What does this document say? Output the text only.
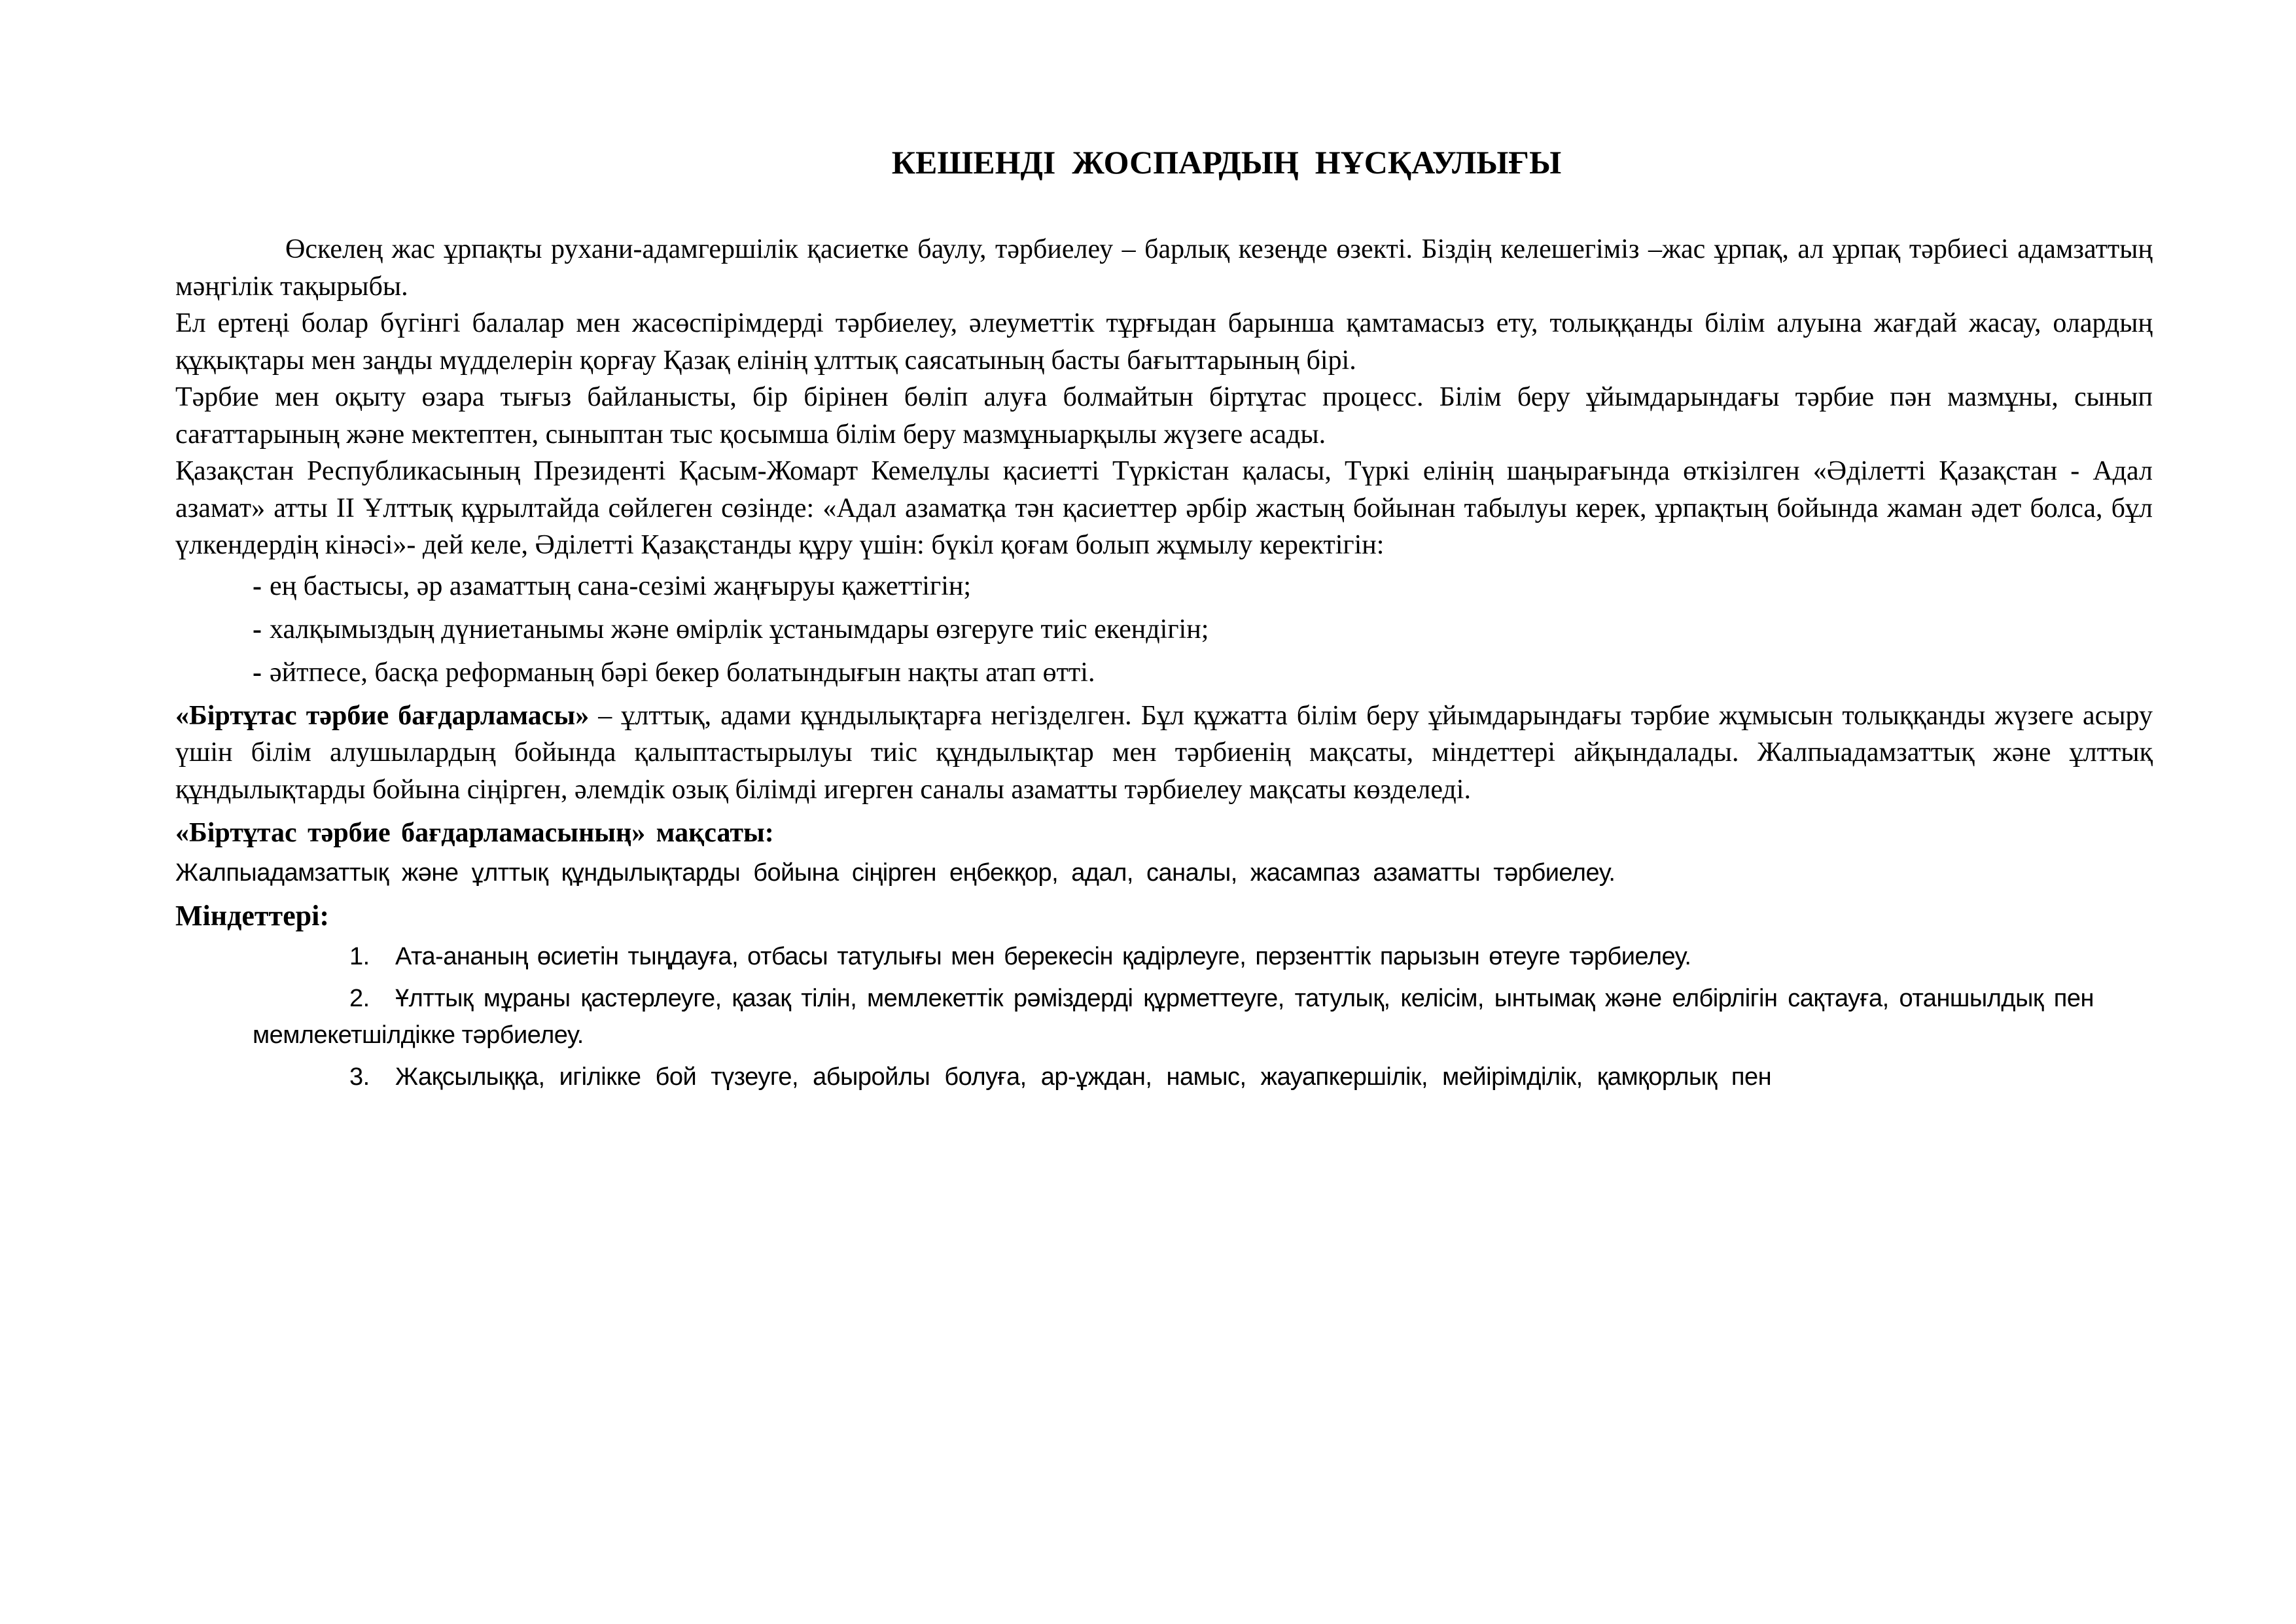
КЕШЕНДІ  ЖОСПАРДЫҢ  НҰСҚАУЛЫҒЫ

Өскелең жас ұрпақты рухани-адамгершілік қасиетке баулу, тәрбиелеу – барлық кезеңде өзекті. Біздің келешегіміз –жас ұрпақ, ал ұрпақ тәрбиесі адамзаттың мәңгілік тақырыбы.

Ел ертеңі болар бүгінгі балалар мен жасөспірімдерді тәрбиелеу, әлеуметтік тұрғыдан барынша қамтамасыз ету, толыққанды білім алуына жағдай жасау, олардың құқықтары мен заңды мүдделерін қорғау Қазақ елінің ұлттық саясатының басты бағыттарының бірі.

Тәрбие мен оқыту өзара тығыз байланысты, бір бірінен бөліп алуға болмайтын біртұтас процесс. Білім беру ұйымдарындағы тәрбие пән мазмұны, сынып сағаттарының және мектептен, сыныптан тыс қосымша білім беру мазмұныарқылы жүзеге асады.

Қазақстан Республикасының Президенті Қасым-Жомарт Кемелұлы қасиетті Түркістан қаласы, Түркі елінің шаңырағында өткізілген «Әділетті Қазақстан - Адал азамат» атты II Ұлттық құрылтайда сөйлеген сөзінде: «Адал азаматқа тән қасиеттер әрбір жастың бойынан табылуы керек, ұрпақтың бойында жаман әдет болса, бұл үлкендердің кінәсі»- дей келе, Әділетті Қазақстанды құру үшін: бүкіл қоғам болып жұмылу керектігін:

- ең бастысы, әр азаматтың сана-сезімі жаңғыруы қажеттігін;
- халқымыздың дүниетанымы және өмірлік ұстанымдары өзгеруге тиіс екендігін;
- әйтпесе, басқа реформаның бәрі бекер болатындығын нақты атап өтті.

«Біртұтас тәрбие бағдарламасы» – ұлттық, адами құндылықтарға негізделген. Бұл құжатта білім беру ұйымдарындағы тәрбие жұмысын толыққанды жүзеге асыру үшін білім алушылардың бойында қалыптастырылуы тиіс құндылықтар мен тәрбиенің мақсаты, міндеттері айқындалады. Жалпыадамзаттық және ұлттық құндылықтарды бойына сіңірген, әлемдік озық білімді игерген саналы азаматты тәрбиелеу мақсаты көзделеді.

«Біртұтас тәрбие бағдарламасының» мақсаты:

Жалпыадамзаттық және ұлттық құндылықтарды бойына сіңірген еңбекқор, адал, саналы, жасампаз азаматты тәрбиелеу.

Міндеттері:

1. Ата-ананың өсиетін тыңдауға, отбасы татулығы мен берекесін қадірлеуге, перзенттік парызын өтеуге тәрбиелеу.
2. Ұлттық мұраны қастерлеуге, қазақ тілін, мемлекеттік рәміздерді құрметтеуге, татулық, келісім, ынтымақ және елбірлігін сақтауға, отаншылдық пен мемлекетшілдікке тәрбиелеу.
3. Жақсылыққа, игілікке бой түзеуге, абыройлы болуға, ар-ұждан, намыс, жауапкершілік, мейірімділік, қамқорлық пен
